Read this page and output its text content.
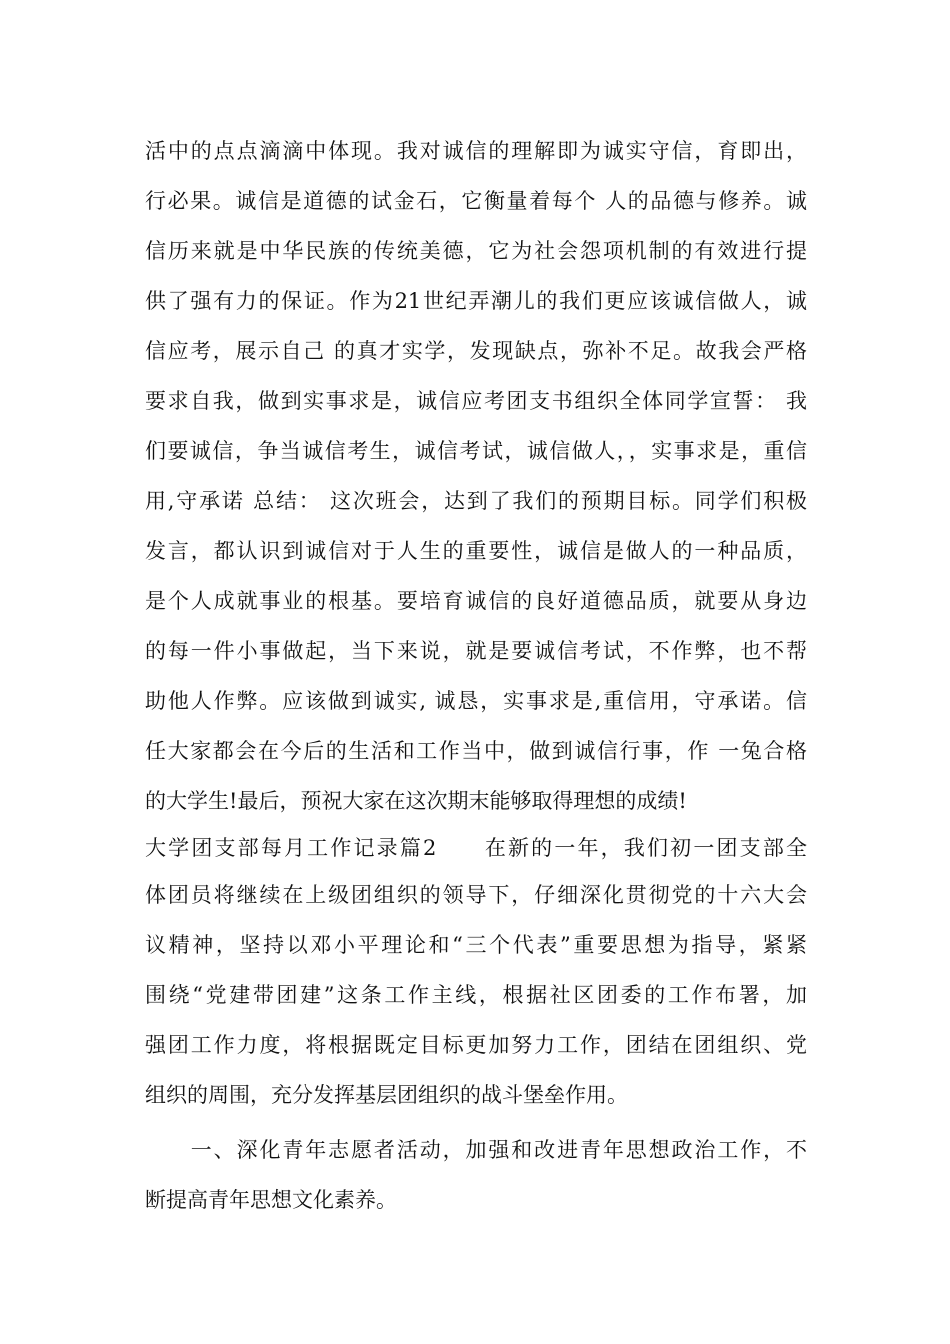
活中的点点滴滴中体现。我对诚信的理解即为诚实守信，育即出，
行必果。诚信是道德的试金石，它衡量着每个 人的品德与修养。诚
信历来就是中华民族的传统美德，它为社会怨项机制的有效进行提
供了强有力的保证。作为21世纪弄潮儿的我们更应该诚信做人，诚
信应考，展示自己 的真才实学，发现缺点，弥补不足。故我会严格
要求自我，做到实事求是，诚信应考团支书组织全体同学宣誓： 我
们要诚信，争当诚信考生，诚信考试，诚信做人，，实事求是，重信
用,守承诺 总结： 这次班会，达到了我们的预期目标。同学们积极
发言，都认识到诚信对于人生的重要性，诚信是做人的一种品质，
是个人成就事业的根基。要培育诚信的良好道德品质，就要从身边
的每一件小事做起，当下来说，就是要诚信考试，不作弊，也不帮
助他人作弊。应该做到诚实, 诚恳，实事求是,重信用，守承诺。信
任大家都会在今后的生活和工作当中，做到诚信行事，作 一兔合格
的大学生!最后，预祝大家在这次期末能够取得理想的成绩!
大学团支部每月工作记录篇2　　在新的一年，我们初一团支部全
体团员将继续在上级团组织的领导下，仔细深化贯彻党的十六大会
议精神，坚持以邓小平理论和“三个代表”重要思想为指导，紧紧
围绕“党建带团建”这条工作主线，根据社区团委的工作布署，加
强团工作力度，将根据既定目标更加努力工作，团结在团组织、党
组织的周围，充分发挥基层团组织的战斗堡垒作用。
　　一、深化青年志愿者活动，加强和改进青年思想政治工作，不
断提高青年思想文化素养。
